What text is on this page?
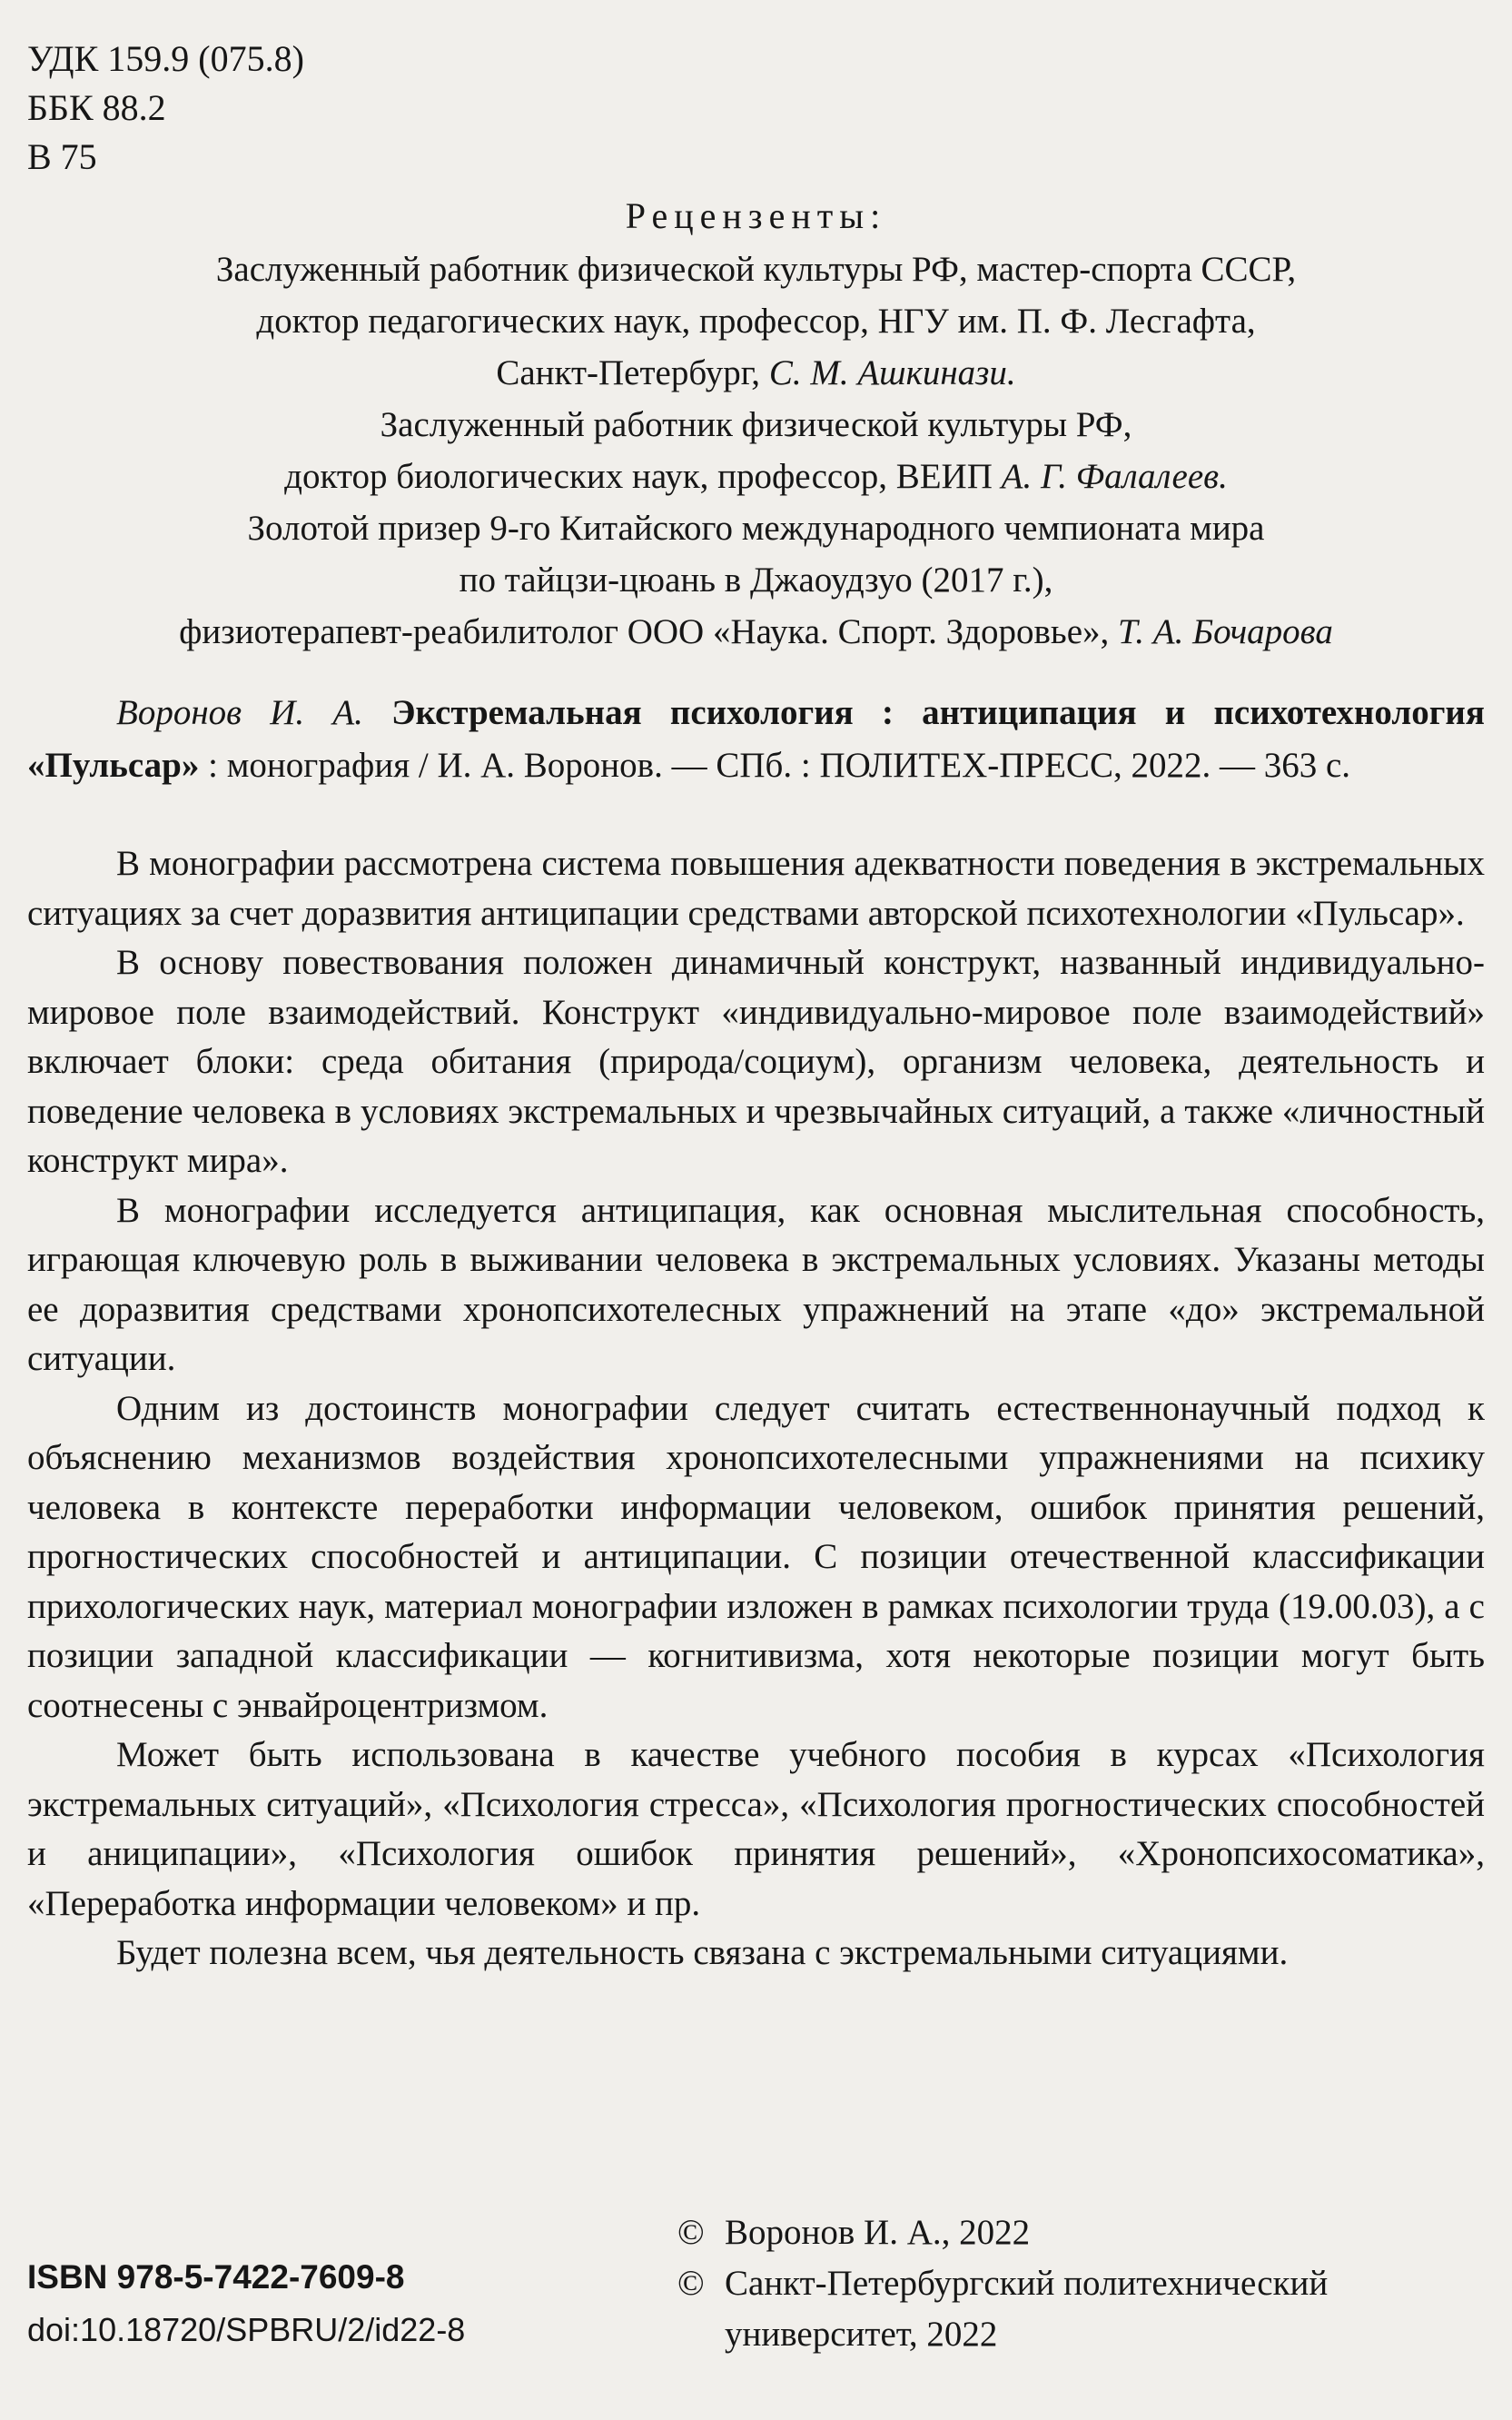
УДК 159.9 (075.8)
ББК 88.2
В 75
Рецензенты:
Заслуженный работник физической культуры РФ, мастер-спорта СССР,
доктор педагогических наук, профессор, НГУ им. П. Ф. Лесгафта,
Санкт-Петербург, С. М. Ашкинази.
Заслуженный работник физической культуры РФ,
доктор биологических наук, профессор, ВЕИП А. Г. Фалалеев.
Золотой призер 9-го Китайского международного чемпионата мира
по тайцзи-цюань в Джаоудзуо (2017 г.),
физиотерапевт-реабилитолог ООО «Наука. Спорт. Здоровье», Т. А. Бочарова
Воронов И. А. Экстремальная психология : антиципация и психотехнология «Пульсар» : монография / И. А. Воронов. — СПб. : ПОЛИТЕХ-ПРЕСС, 2022. — 363 с.

В монографии рассмотрена система повышения адекватности поведения в экстремальных ситуациях за счет доразвития антиципации средствами авторской психотехнологии «Пульсар».

В основу повествования положен динамичный конструкт, названный индивидуально-мировое поле взаимодействий. Конструкт «индивидуально-мировое поле взаимодействий» включает блоки: среда обитания (природа/социум), организм человека, деятельность и поведение человека в условиях экстремальных и чрезвычайных ситуаций, а также «личностный конструкт мира».

В монографии исследуется антиципация, как основная мыслительная способность, играющая ключевую роль в выживании человека в экстремальных условиях. Указаны методы ее доразвития средствами хронопсихотелесных упражнений на этапе «до» экстремальной ситуации.

Одним из достоинств монографии следует считать естественнонаучный подход к объяснению механизмов воздействия хронопсихотелесными упражнениями на психику человека в контексте переработки информации человеком, ошибок принятия решений, прогностических способностей и антиципации. С позиции отечественной классификации прихологических наук, материал монографии изложен в рамках психологии труда (19.00.03), а с позиции западной классификации — когнитивизма, хотя некоторые позиции могут быть соотнесены с энвайроцентризмом.

Может быть использована в качестве учебного пособия в курсах «Психология экстремальных ситуаций», «Психология стресса», «Психология прогностических способностей и аниципации», «Психология ошибок принятия решений», «Хронопсихосоматика», «Переработка информации человеком» и пр.

Будет полезна всем, чья деятельность связана с экстремальными ситуациями.

ISBN 978-5-7422-7609-8
doi:10.18720/SPBRU/2/id22-8
© Воронов И. А., 2022
© Санкт-Петербургский политехнический
университет, 2022
